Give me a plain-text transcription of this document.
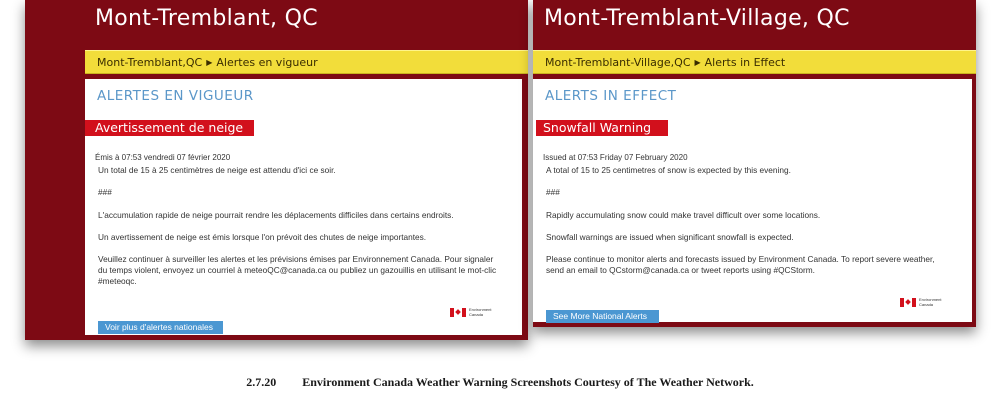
Mont-Tremblant, QC
Mont-Tremblant,QC ▶ Alertes en vigueur
ALERTES EN VIGUEUR
Avertissement de neige
Émis à 07:53 vendredi 07 février 2020
Un total de 15 à 25 centimètres de neige est attendu d'ici ce soir.
###
L'accumulation rapide de neige pourrait rendre les déplacements difficiles dans certains endroits.
Un avertissement de neige est émis lorsque l'on prévoit des chutes de neige importantes.
Veuillez continuer à surveiller les alertes et les prévisions émises par Environnement Canada. Pour signaler
du temps violent, envoyez un courriel à meteoQC@canada.ca ou publiez un gazouillis en utilisant le mot-clic
#meteoqc.
Environment
Canada
Voir plus d'alertes nationales
Mont-Tremblant-Village, QC
Mont-Tremblant-Village,QC ▶ Alerts in Effect
ALERTS IN EFFECT
Snowfall Warning
Issued at 07:53 Friday 07 February 2020
A total of 15 to 25 centimetres of snow is expected by this evening.
###
Rapidly accumulating snow could make travel difficult over some locations.
Snowfall warnings are issued when significant snowfall is expected.
Please continue to monitor alerts and forecasts issued by Environment Canada. To report severe weather,
send an email to QCstorm@canada.ca or tweet reports using #QCStorm.
Environment
Canada
See More National Alerts
2.7.20 Environment Canada Weather Warning Screenshots Courtesy of The Weather Network.
